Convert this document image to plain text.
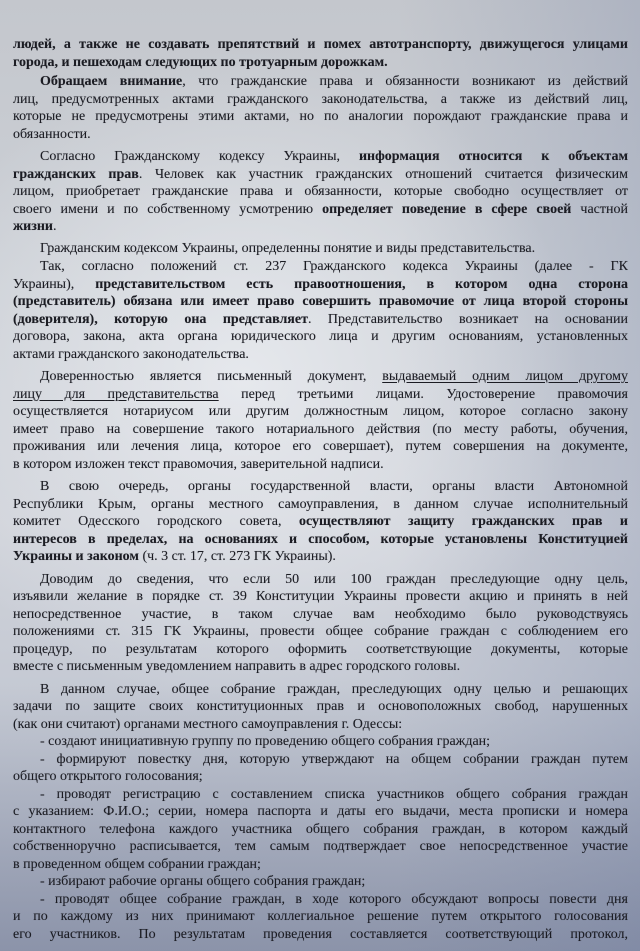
людей, а также не создавать препятствий и помех автотранспорту, движущегося улицами
города, и пешеходам следующих по тротуарным дорожкам.
Обращаем внимание, что гражданские права и обязанности возникают из действий
лиц, предусмотренных актами гражданского законодательства, а также из действий лиц,
которые не предусмотрены этими актами, но по аналогии порождают гражданские права и
обязанности.
Согласно Гражданскому кодексу Украины, информация относится к объектам
гражданских прав. Человек как участник гражданских отношений считается физическим
лицом, приобретает гражданские права и обязанности, которые свободно осуществляет от
своего имени и по собственному усмотрению определяет поведение в сфере своей частной
жизни.
Гражданским кодексом Украины, определенны понятие и виды представительства.
Так, согласно положений ст. 237 Гражданского кодекса Украины (далее - ГК
Украины), представительством есть правоотношения, в котором одна сторона
(представитель) обязана или имеет право совершить правомочие от лица второй стороны
(доверителя), которую она представляет. Представительство возникает на основании
договора, закона, акта органа юридического лица и другим основаниям, установленных
актами гражданского законодательства.
Доверенностью является письменный документ, выдаваемый одним лицом другому
лицу для представительства перед третьими лицами. Удостоверение правомочия
осуществляется нотариусом или другим должностным лицом, которое согласно закону
имеет право на совершение такого нотариального действия (по месту работы, обучения,
проживания или лечения лица, которое его совершает), путем совершения на документе,
в котором изложен текст правомочия, заверительной надписи.
В свою очередь, органы государственной власти, органы власти Автономной
Республики Крым, органы местного самоуправления, в данном случае исполнительный
комитет Одесского городского совета, осуществляют защиту гражданских прав и
интересов в пределах, на основаниях и способом, которые установлены Конституцией
Украины и законом (ч. 3 ст. 17, ст. 273 ГК Украины).
Доводим до сведения, что если 50 или 100 граждан преследующие одну цель,
изъявили желание в порядке ст. 39 Конституции Украины провести акцию и принять в ней
непосредственное участие, в таком случае вам необходимо было руководствуясь
положениями ст. 315 ГК Украины, провести общее собрание граждан с соблюдением его
процедур, по результатам которого оформить соответствующие документы, которые
вместе с письменным уведомлением направить в адрес городского головы.
В данном случае, общее собрание граждан, преследующих одну целью и решающих
задачи по защите своих конституционных прав и основоположных свобод, нарушенных
(как они считают) органами местного самоуправления г. Одессы:
- создают инициативную группу по проведению общего собрания граждан;
- формируют повестку дня, которую утверждают на общем собрании граждан путем
общего открытого голосования;
- проводят регистрацию с составлением списка участников общего собрания граждан
с указанием: Ф.И.О.; серии, номера паспорта и даты его выдачи, места прописки и номера
контактного телефона каждого участника общего собрания граждан, в котором каждый
собственноручно расписывается, тем самым подтверждает свое непосредственное участие
в проведенном общем собрании граждан;
- избирают рабочие органы общего собрания граждан;
- проводят общее собрание граждан, в ходе которого обсуждают вопросы повести дня
и по каждому из них принимают коллегиальное решение путем открытого голосования
его участников. По результатам проведения составляется соответствующий протокол,
